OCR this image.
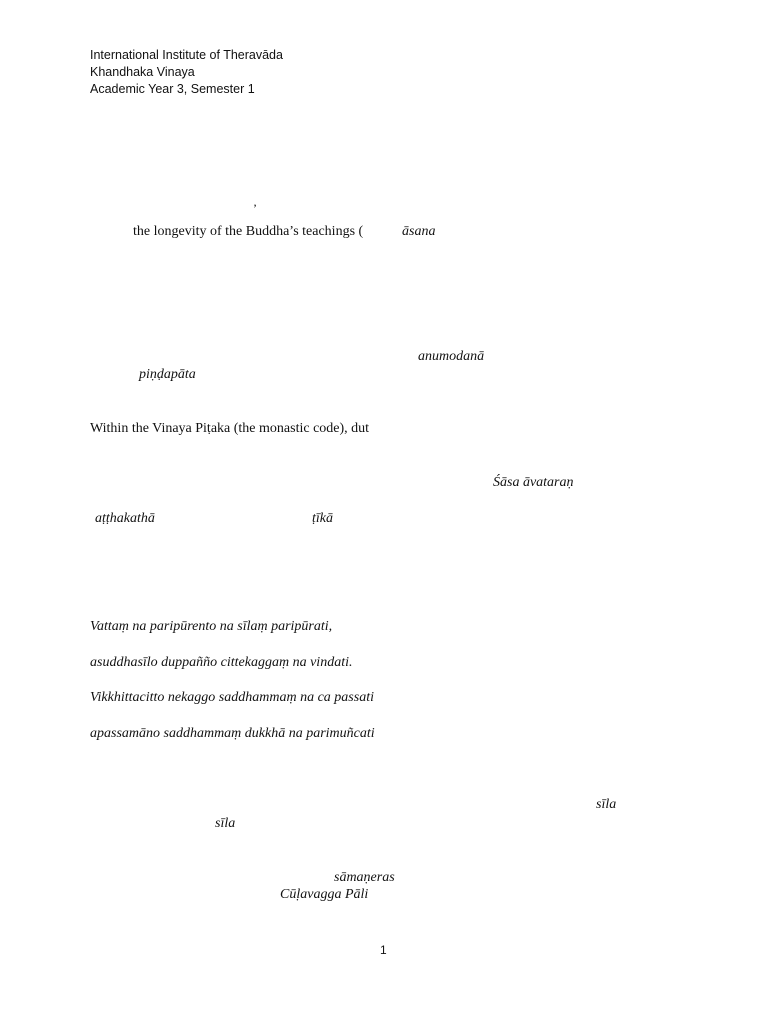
International Institute of Theravāda
Khandhaka Vinaya
Academic Year 3, Semester 1
’
the longevity of the Buddha’s teachings (	āsana
anumodanā
piṇḍapāta
Within the Vinaya Piṭaka (the monastic code), dut
Śāsa āvataraṇ
aṭṭhakathā	ṭīkā
Vattaṃ na paripūrento na sīlaṃ paripūrati,
asuddhasīlo duppañño cittekaggaṃ na vindati.
Vikkhittacitto nekaggo saddhammaṃ na ca passati
apassamāno saddhammaṃ dukkhā na parimuñcati
sīla
sīla
sāmaṇeras
Cūḷavagga Pāli
1
